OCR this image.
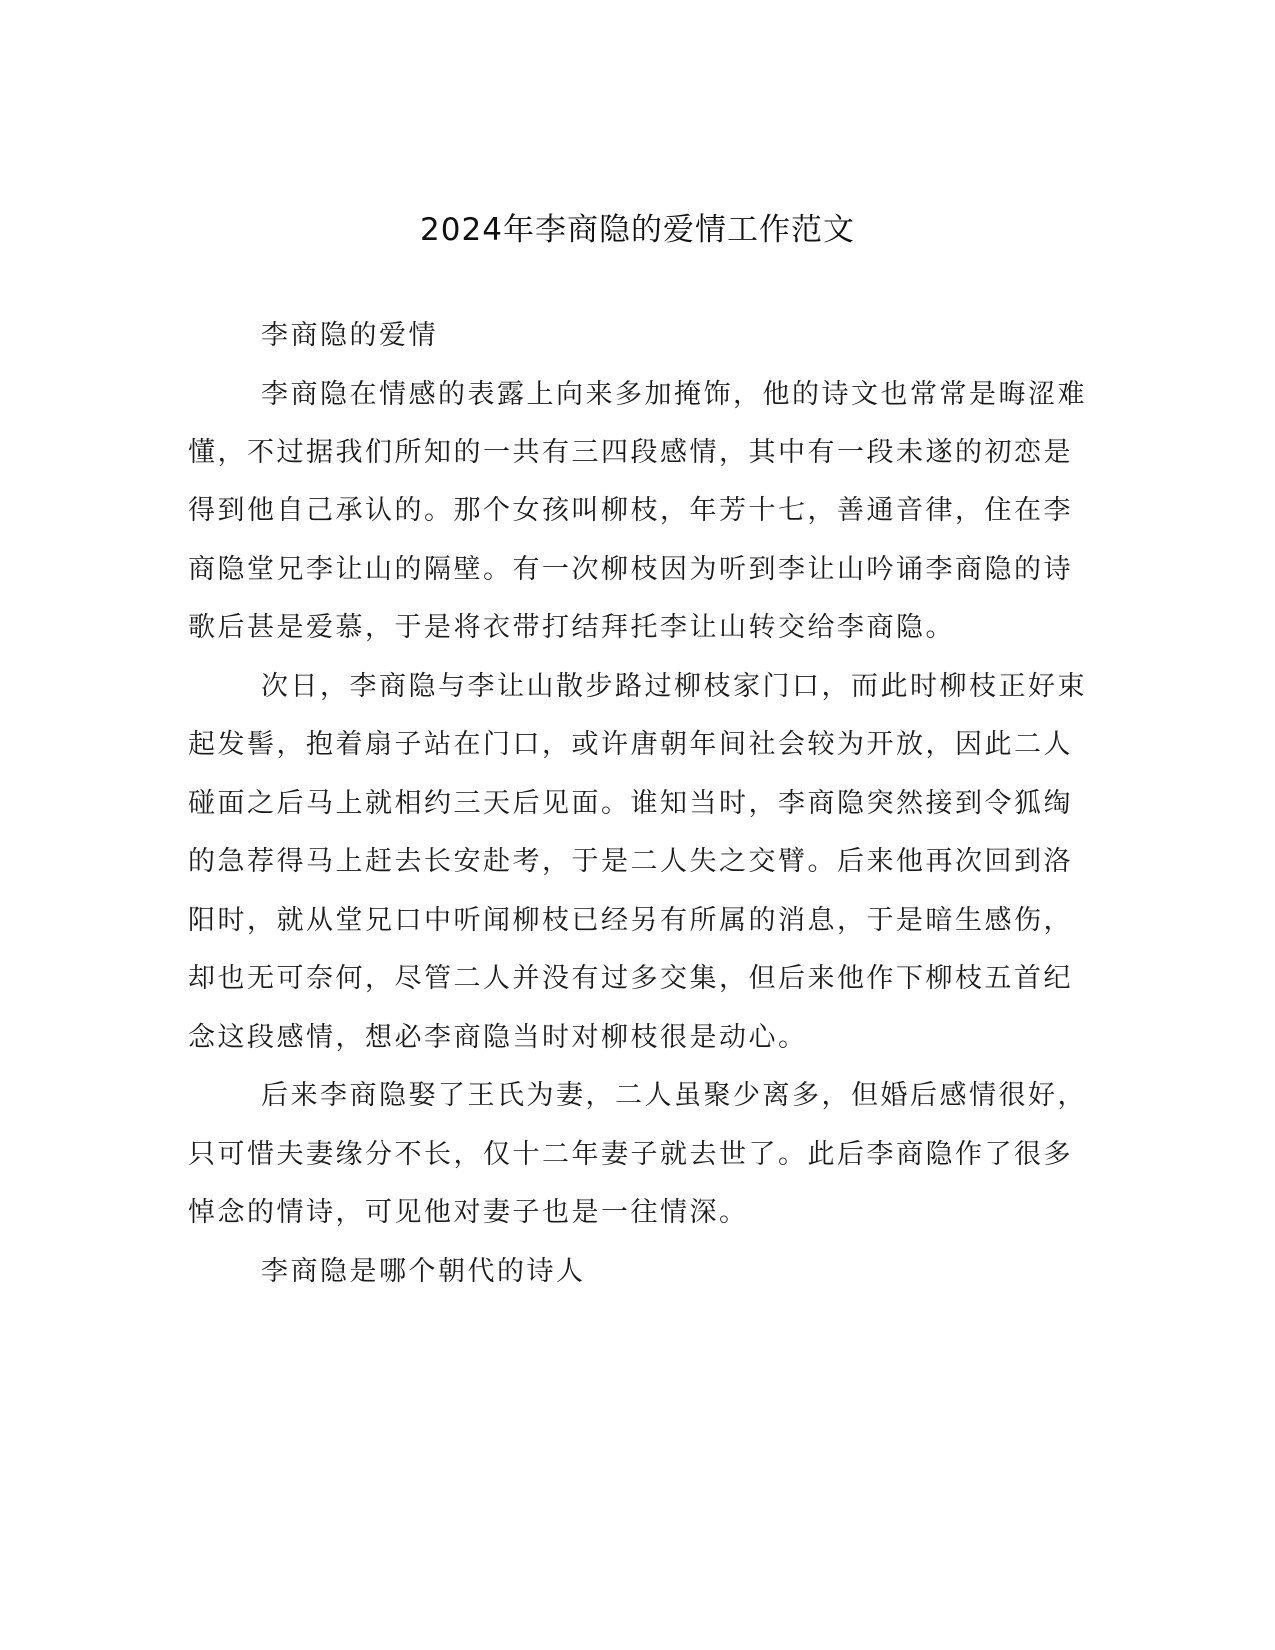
2024年李商隐的爱情工作范文

李商隐的爱情

李商隐在情感的表露上向来多加掩饰，他的诗文也常常是晦涩难

懂，不过据我们所知的一共有三四段感情，其中有一段未遂的初恋是

得到他自己承认的。那个女孩叫柳枝，年芳十七，善通音律，住在李

商隐堂兄李让山的隔壁。有一次柳枝因为听到李让山吟诵李商隐的诗

歌后甚是爱慕，于是将衣带打结拜托李让山转交给李商隐。

次日，李商隐与李让山散步路过柳枝家门口，而此时柳枝正好束

起发髻，抱着扇子站在门口，或许唐朝年间社会较为开放，因此二人

碰面之后马上就相约三天后见面。谁知当时，李商隐突然接到令狐绹

的急荐得马上赶去长安赴考，于是二人失之交臂。后来他再次回到洛

阳时，就从堂兄口中听闻柳枝已经另有所属的消息，于是暗生感伤，

却也无可奈何，尽管二人并没有过多交集，但后来他作下柳枝五首纪

念这段感情，想必李商隐当时对柳枝很是动心。

后来李商隐娶了王氏为妻，二人虽聚少离多，但婚后感情很好，

只可惜夫妻缘分不长，仅十二年妻子就去世了。此后李商隐作了很多

悼念的情诗，可见他对妻子也是一往情深。

李商隐是哪个朝代的诗人
